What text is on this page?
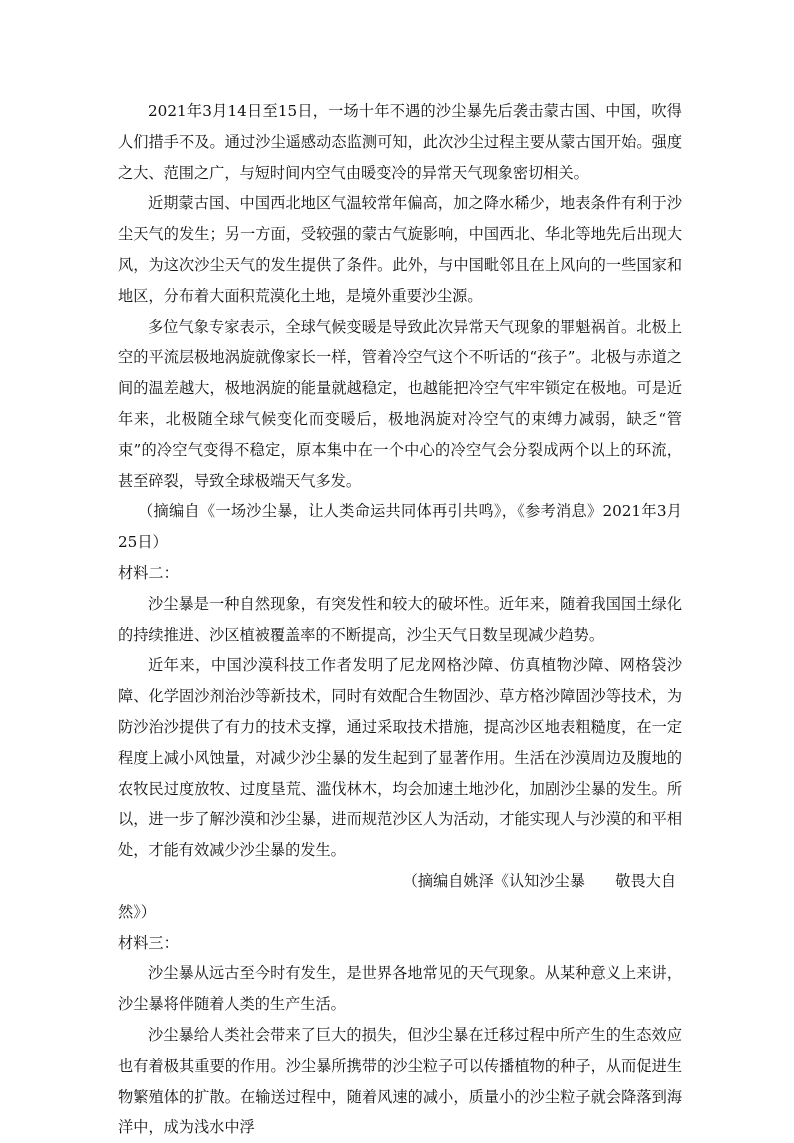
2021年3月14日至15日，一场十年不遇的沙尘暴先后袭击蒙古国、中国，吹得人们措手不及。通过沙尘遥感动态监测可知，此次沙尘过程主要从蒙古国开始。强度之大、范围之广，与短时间内空气由暖变冷的异常天气现象密切相关。

近期蒙古国、中国西北地区气温较常年偏高，加之降水稀少，地表条件有利于沙尘天气的发生；另一方面，受较强的蒙古气旋影响，中国西北、华北等地先后出现大风，为这次沙尘天气的发生提供了条件。此外，与中国毗邻且在上风向的一些国家和地区，分布着大面积荒漠化土地，是境外重要沙尘源。

多位气象专家表示，全球气候变暖是导致此次异常天气现象的罪魁祸首。北极上空的平流层极地涡旋就像家长一样，管着冷空气这个不听话的“孩子”。北极与赤道之间的温差越大，极地涡旋的能量就越稳定，也越能把冷空气牢牢锁定在极地。可是近年来，北极随全球气候变化而变暖后，极地涡旋对冷空气的束缚力减弱，缺乏“管束”的冷空气变得不稳定，原本集中在一个中心的冷空气会分裂成两个以上的环流，甚至碎裂，导致全球极端天气多发。

（摘编自《一场沙尘暴，让人类命运共同体再引共鸣》，《参考消息》2021年3月25日）

材料二：

沙尘暴是一种自然现象，有突发性和较大的破坏性。近年来，随着我国国土绿化的持续推进、沙区植被覆盖率的不断提高，沙尘天气日数呈现减少趋势。

近年来，中国沙漠科技工作者发明了尼龙网格沙障、仿真植物沙障、网格袋沙障、化学固沙剂治沙等新技术，同时有效配合生物固沙、草方格沙障固沙等技术，为防沙治沙提供了有力的技术支撑，通过采取技术措施，提高沙区地表粗糙度，在一定程度上减小风蚀量，对减少沙尘暴的发生起到了显著作用。生活在沙漠周边及腹地的农牧民过度放牧、过度垦荒、滥伐林木，均会加速土地沙化，加剧沙尘暴的发生。所以，进一步了解沙漠和沙尘暴，进而规范沙区人为活动，才能实现人与沙漠的和平相处，才能有效减少沙尘暴的发生。

（摘编自姚泽《认知沙尘暴　　敬畏大自
然》）

材料三：

沙尘暴从远古至今时有发生，是世界各地常见的天气现象。从某种意义上来讲，沙尘暴将伴随着人类的生产生活。

沙尘暴给人类社会带来了巨大的损失，但沙尘暴在迁移过程中所产生的生态效应也有着极其重要的作用。沙尘暴所携带的沙尘粒子可以传播植物的种子，从而促进生物繁殖体的扩散。在输送过程中，随着风速的减小，质量小的沙尘粒子就会降落到海洋中，成为浅水中浮
